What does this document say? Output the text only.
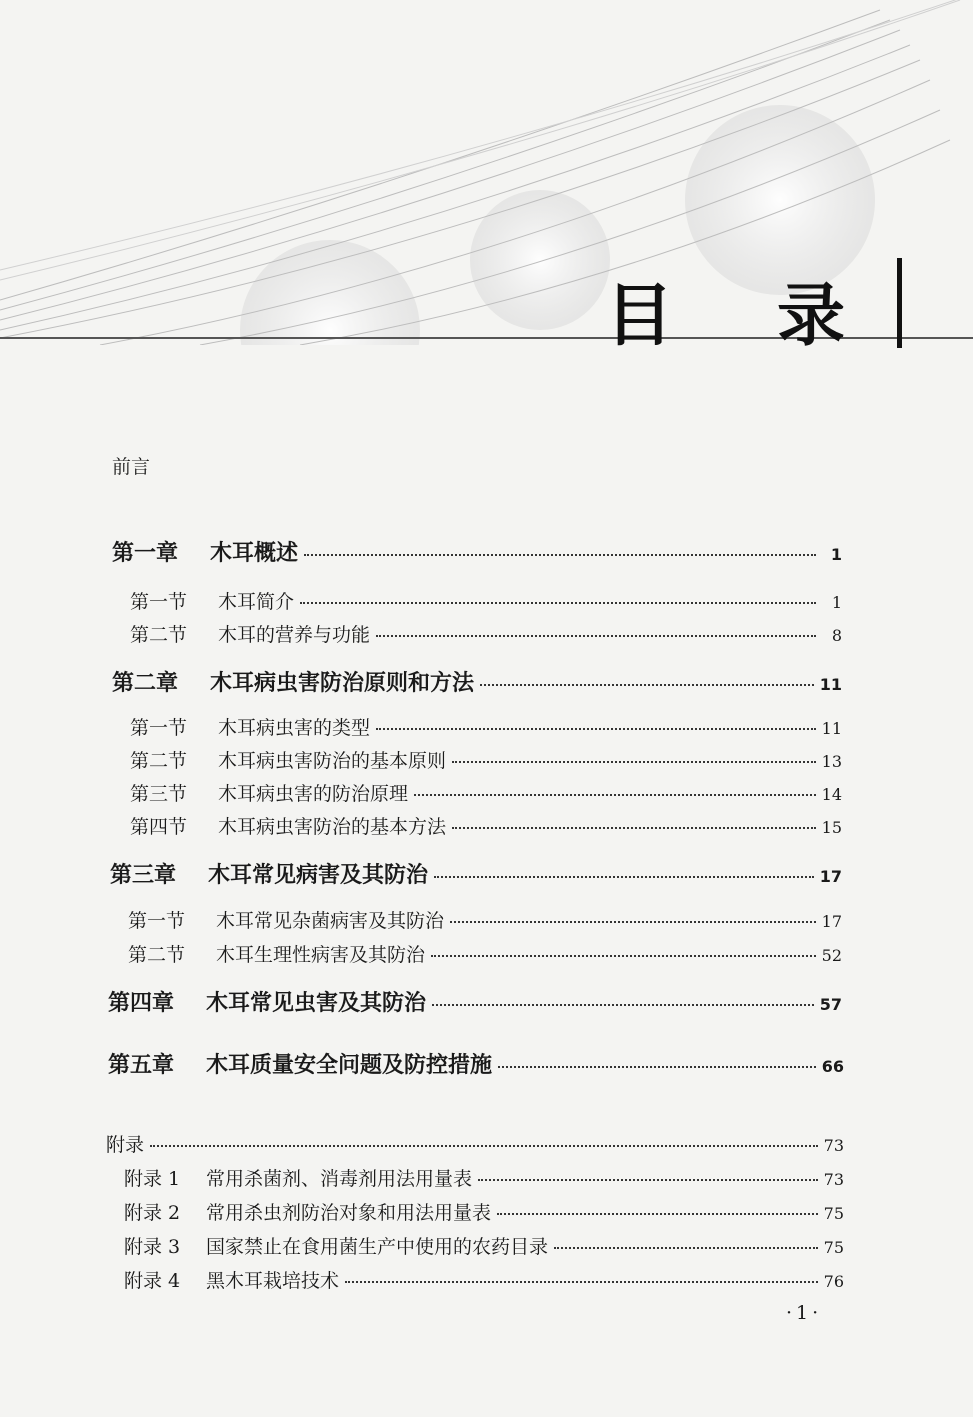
目 录
前言
第一章	木耳概述	1
第一节	木耳简介	1
第二节	木耳的营养与功能	8
第二章	木耳病虫害防治原则和方法	11
第一节	木耳病虫害的类型	11
第二节	木耳病虫害防治的基本原则	13
第三节	木耳病虫害的防治原理	14
第四节	木耳病虫害防治的基本方法	15
第三章	木耳常见病害及其防治	17
第一节	木耳常见杂菌病害及其防治	17
第二节	木耳生理性病害及其防治	52
第四章	木耳常见虫害及其防治	57
第五章	木耳质量安全问题及防控措施	66
附录	73
附录 1	常用杀菌剂、消毒剂用法用量表	73
附录 2	常用杀虫剂防治对象和用法用量表	75
附录 3	国家禁止在食用菌生产中使用的农药目录	75
附录 4	黑木耳栽培技术	76
·1·
